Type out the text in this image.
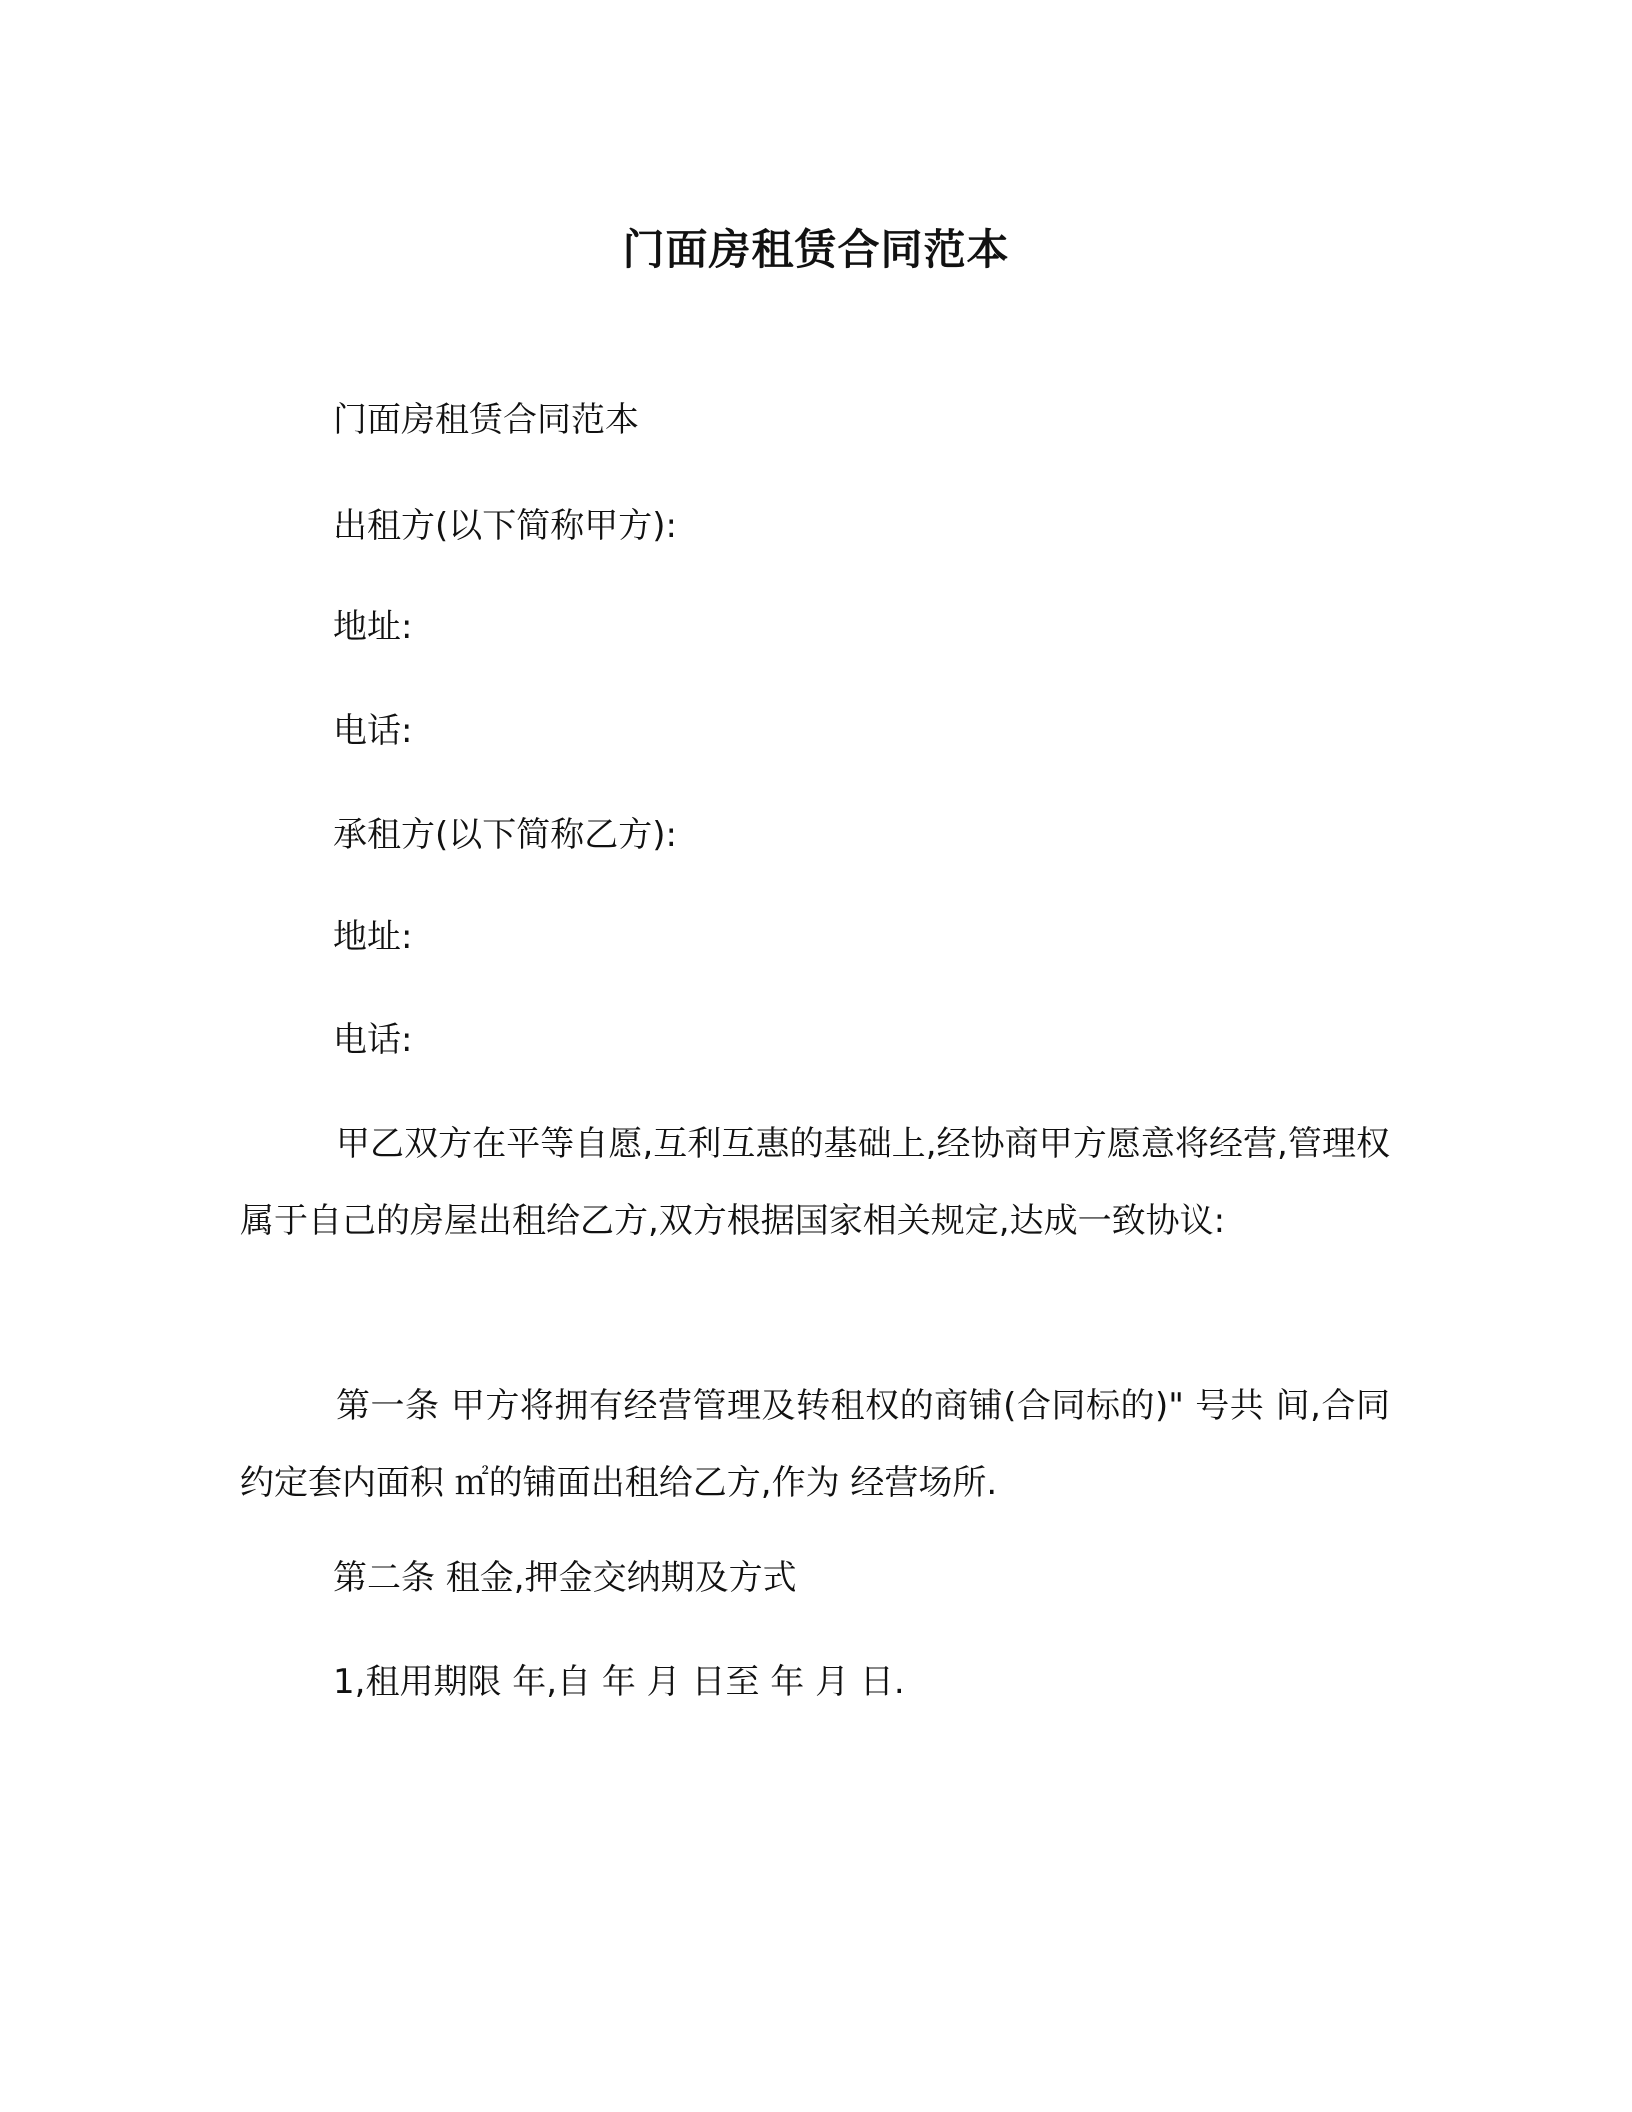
门面房租赁合同范本
门面房租赁合同范本
出租方(以下简称甲方):
地址:
电话:
承租方(以下简称乙方):
地址:
电话:
甲乙双方在平等自愿,互利互惠的基础上,经协商甲方愿意将经营,管理权属于自己的房屋出租给乙方,双方根据国家相关规定,达成一致协议:
第一条 甲方将拥有经营管理及转租权的商铺(合同标的)" 号共 间,合同约定套内面积 ㎡的铺面出租给乙方,作为 经营场所.
第二条 租金,押金交纳期及方式
1,租用期限 年,自 年 月 日至 年 月 日.
